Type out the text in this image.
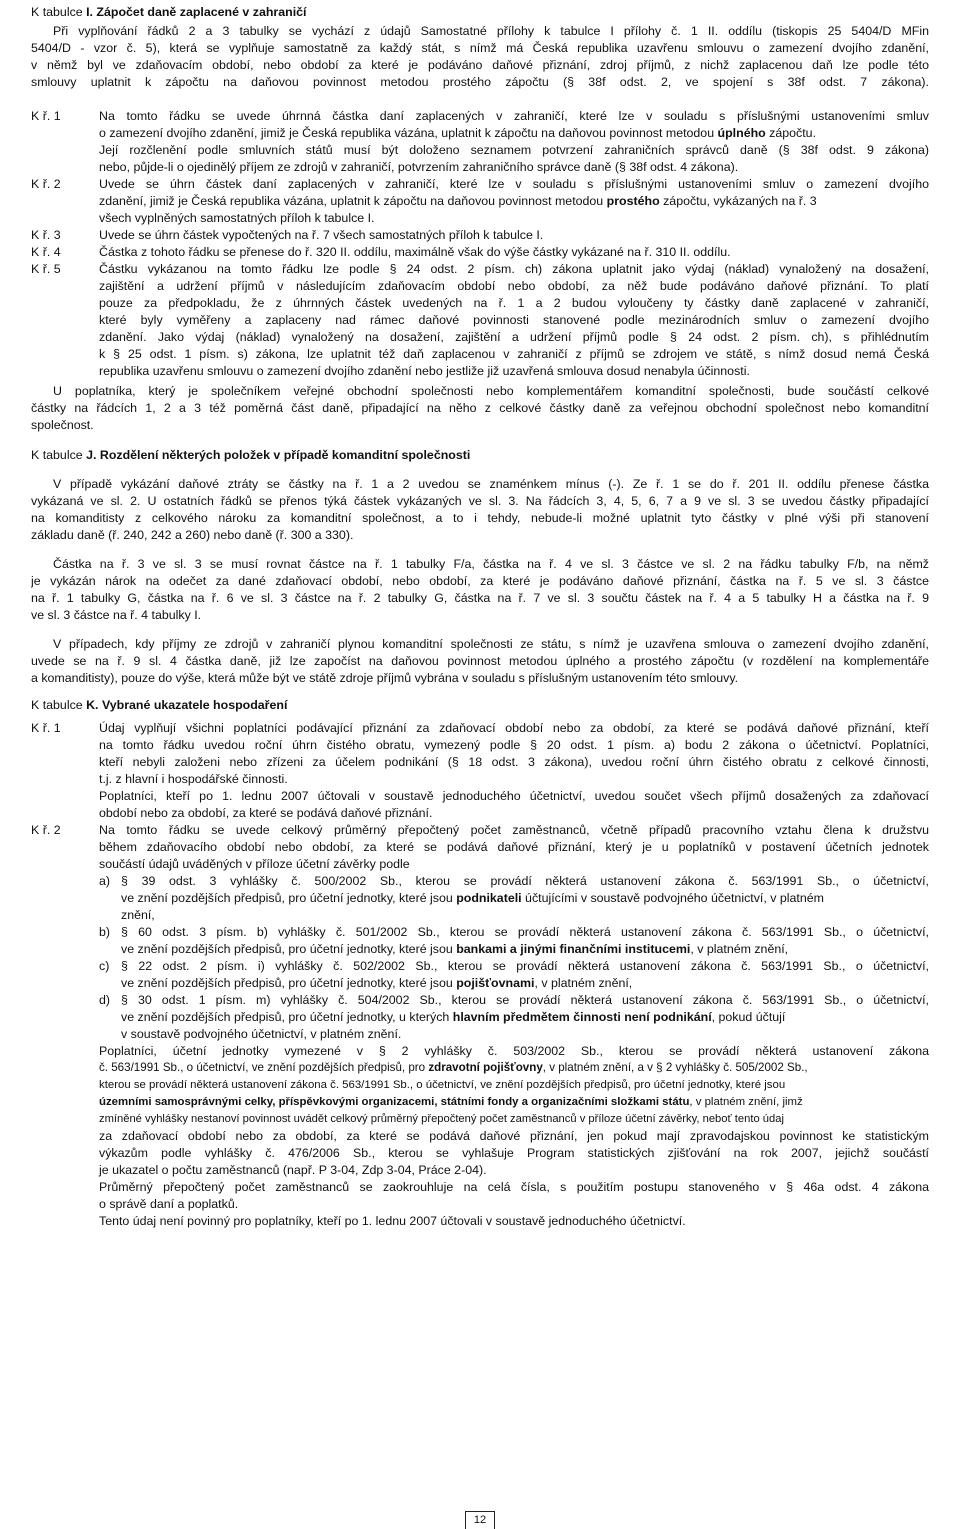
K tabulce I. Zápočet daně zaplacené v zahraničí
Při vyplňování řádků 2 a 3 tabulky se vychází z údajů Samostatné přílohy k tabulce I přílohy č. 1 II. oddílu (tiskopis 25 5404/D MFin
5404/D - vzor č. 5), která se vyplňuje samostatně za každý stát, s nímž má Česká republika uzavřenu smlouvu o zamezení dvojího zdanění,
v němž byl ve zdaňovacím období, nebo období za které je podáváno daňové přiznání, zdroj příjmů, z nichž zaplacenou daň lze podle této
smlouvy uplatnit k zápočtu na daňovou povinnost metodou prostého zápočtu (§ 38f odst. 2, ve spojení s 38f odst. 7 zákona).
K ř. 1	Na tomto řádku se uvede úhrnná částka daní zaplacených v zahraničí, které lze v souladu s příslušnými ustanoveními smluv
o zamezení dvojího zdanění, jimiž je Česká republika vázána, uplatnit k zápočtu na daňovou povinnost metodou úplného zápočtu.
Její rozčlenění podle smluvních států musí být doloženo seznamem potvrzení zahraničních správců daně (§ 38f odst. 9 zákona)
nebo, půjde-li o ojedinělý příjem ze zdrojů v zahraničí, potvrzením zahraničního správce daně (§ 38f odst. 4 zákona).
K ř. 2	Uvede se úhrn částek daní zaplacených v zahraničí, které lze v souladu s příslušnými ustanoveními smluv o zamezení dvojího
zdanění, jimiž je Česká republika vázána, uplatnit k zápočtu na daňovou povinnost metodou prostého zápočtu, vykázaných na ř. 3
všech vyplněných samostatných příloh k tabulce I.
K ř. 3	Uvede se úhrn částek vypočtených na ř. 7 všech samostatných příloh k tabulce I.
K ř. 4	Částka z tohoto řádku se přenese do ř. 320 II. oddílu, maximálně však do výše částky vykázané na ř. 310 II. oddílu.
K ř. 5	Částku vykázanou na tomto řádku lze podle § 24 odst. 2 písm. ch) zákona uplatnit jako výdaj (náklad) vynaložený na dosažení,
zajištění a udržení příjmů v následujícím zdaňovacím období nebo období, za něž bude podáváno daňové přiznání. To platí
pouze za předpokladu, že z úhrnných částek uvedených na ř. 1 a 2 budou vyloučeny ty částky daně zaplacené v zahraničí,
které byly vyměřeny a zaplaceny nad rámec daňové povinnosti stanovené podle mezinárodních smluv o zamezení dvojího
zdanění. Jako výdaj (náklad) vynaložený na dosažení, zajištění a udržení příjmů podle § 24 odst. 2 písm. ch), s přihlédnutím
k § 25 odst. 1 písm. s) zákona, lze uplatnit též daň zaplacenou v zahraničí z příjmů se zdrojem ve státě, s nímž dosud nemá Česká
republika uzavřenu smlouvu o zamezení dvojího zdanění nebo jestliže již uzavřená smlouva dosud nenabyla účinnosti.
U poplatníka, který je společníkem veřejné obchodní společnosti nebo komplementářem komanditní společnosti, bude součástí celkové
částky na řádcích 1, 2 a 3 též poměrná část daně, připadající na něho z celkové částky daně za veřejnou obchodní společnost nebo komanditní
společnost.
K tabulce J. Rozdělení některých položek v případě komanditní společnosti
V případě vykázání daňové ztráty se částky na ř. 1 a 2 uvedou se znaménkem mínus (-). Ze ř. 1 se do ř. 201 II. oddílu přenese částka
vykázaná ve sl. 2. U ostatních řádků se přenos týká částek vykázaných ve sl. 3. Na řádcích 3, 4, 5, 6, 7 a 9 ve sl. 3 se uvedou částky připadající
na komanditisty z celkového nároku za komanditní společnost, a to i tehdy, nebude-li možné uplatnit tyto částky v plné výši při stanovení
základu daně (ř. 240, 242 a 260) nebo daně (ř. 300 a 330).
Částka na ř. 3 ve sl. 3 se musí rovnat částce na ř. 1 tabulky F/a, částka na ř. 4 ve sl. 3 částce ve sl. 2 na řádku tabulky F/b, na němž
je vykázán nárok na odečet za dané zdaňovací období, nebo období, za které je podáváno daňové přiznání, částka na ř. 5 ve sl. 3 částce
na ř. 1 tabulky G, částka na ř. 6 ve sl. 3 částce na ř. 2 tabulky G, částka na ř. 7 ve sl. 3 součtu částek na ř. 4 a 5 tabulky H a částka na ř. 9
ve sl. 3 částce na ř. 4 tabulky I.
V případech, kdy příjmy ze zdrojů v zahraničí plynou komanditní společnosti ze státu, s nímž je uzavřena smlouva o zamezení dvojího zdanění,
uvede se na ř. 9 sl. 4 částka daně, již lze započíst na daňovou povinnost metodou úplného a prostého zápočtu (v rozdělení na komplementáře
a komanditisty), pouze do výše, která může být ve státě zdroje příjmů vybrána v souladu s příslušným ustanovením této smlouvy.
K tabulce K. Vybrané ukazatele hospodaření
K ř. 1	Údaj vyplňují všichni poplatníci podávající přiznání za zdaňovací období nebo za období, za které se podává daňové přiznání, kteří
na tomto řádku uvedou roční úhrn čistého obratu, vymezený podle § 20 odst. 1 písm. a) bodu 2 zákona o účetnictví. Poplatníci,
kteří nebyli založeni nebo zřízeni za účelem podnikání (§ 18 odst. 3 zákona), uvedou roční úhrn čistého obratu z celkové činnosti,
t.j. z hlavní i hospodářské činnosti.
Poplatníci, kteří po 1. lednu 2007 účtovali v soustavě jednoduchého účetnictví, uvedou součet všech příjmů dosažených za zdaňovací
období nebo za období, za které se podává daňové přiznání.
K ř. 2	Na tomto řádku se uvede celkový průměrný přepočtený počet zaměstnanců, včetně případů pracovního vztahu člena k družstvu
během zdaňovacího období nebo období, za které se podává daňové přiznání, který je u poplatníků v postavení účetních jednotek
součástí údajů uváděných v příloze účetní závěrky podle
a) § 39 odst. 3 vyhlášky č. 500/2002 Sb., kterou se provádí některá ustanovení zákona č. 563/1991 Sb., o účetnictví,
ve znění pozdějších předpisů, pro účetní jednotky, které jsou podnikateli účtujícími v soustavě podvojného účetnictví, v platném
znění,
b) § 60 odst. 3 písm. b) vyhlášky č. 501/2002 Sb., kterou se provádí některá ustanovení zákona č. 563/1991 Sb., o účetnictví,
ve znění pozdějších předpisů, pro účetní jednotky, které jsou bankami a jinými finančními institucemi, v platném znění,
c) § 22 odst. 2 písm. i) vyhlášky č. 502/2002 Sb., kterou se provádí některá ustanovení zákona č. 563/1991 Sb., o účetnictví,
ve znění pozdějších předpisů, pro účetní jednotky, které jsou pojišťovnami, v platném znění,
d) § 30 odst. 1 písm. m) vyhlášky č. 504/2002 Sb., kterou se provádí některá ustanovení zákona č. 563/1991 Sb., o účetnictví,
ve znění pozdějších předpisů, pro účetní jednotky, u kterých hlavním předmětem činnosti není podnikání, pokud účtují
v soustavě podvojného účetnictví, v platném znění.
Poplatníci, účetní jednotky vymezené v § 2 vyhlášky č. 503/2002 Sb., kterou se provádí některá ustanovení zákona
č. 563/1991 Sb., o účetnictví, ve znění pozdějších předpisů, pro zdravotní pojišťovny, v platném znění, a v § 2 vyhlášky č. 505/2002 Sb.,
kterou se provádí některá ustanovení zákona č. 563/1991 Sb., o účetnictví, ve znění pozdějších předpisů, pro účetní jednotky, které jsou
územními samosprávnými celky, příspěvkovými organizacemi, státními fondy a organizačními složkami státu, v platném znění, jimž
zmíněné vyhlášky nestanoví povinnost uvádět celkový průměrný přepočtený počet zaměstnanců v příloze účetní závěrky, neboť tento údaj
za zdaňovací období nebo za období, za které se podává daňové přiznání, jen pokud mají zpravodajskou povinnost ke statistickým
výkazům podle vyhlášky č. 476/2006 Sb., kterou se vyhlašuje Program statistických zjišťování na rok 2007, jejichž součástí
je ukazatel o počtu zaměstnanců (např. P 3-04, Zdp 3-04, Práce 2-04).
Průměrný přepočtený počet zaměstnanců se zaokrouhluje na celá čísla, s použitím postupu stanoveného v § 46a odst. 4 zákona
o správě daní a poplatků.
Tento údaj není povinný pro poplatníky, kteří po 1. lednu 2007 účtovali v soustavě jednoduchého účetnictví.
12
